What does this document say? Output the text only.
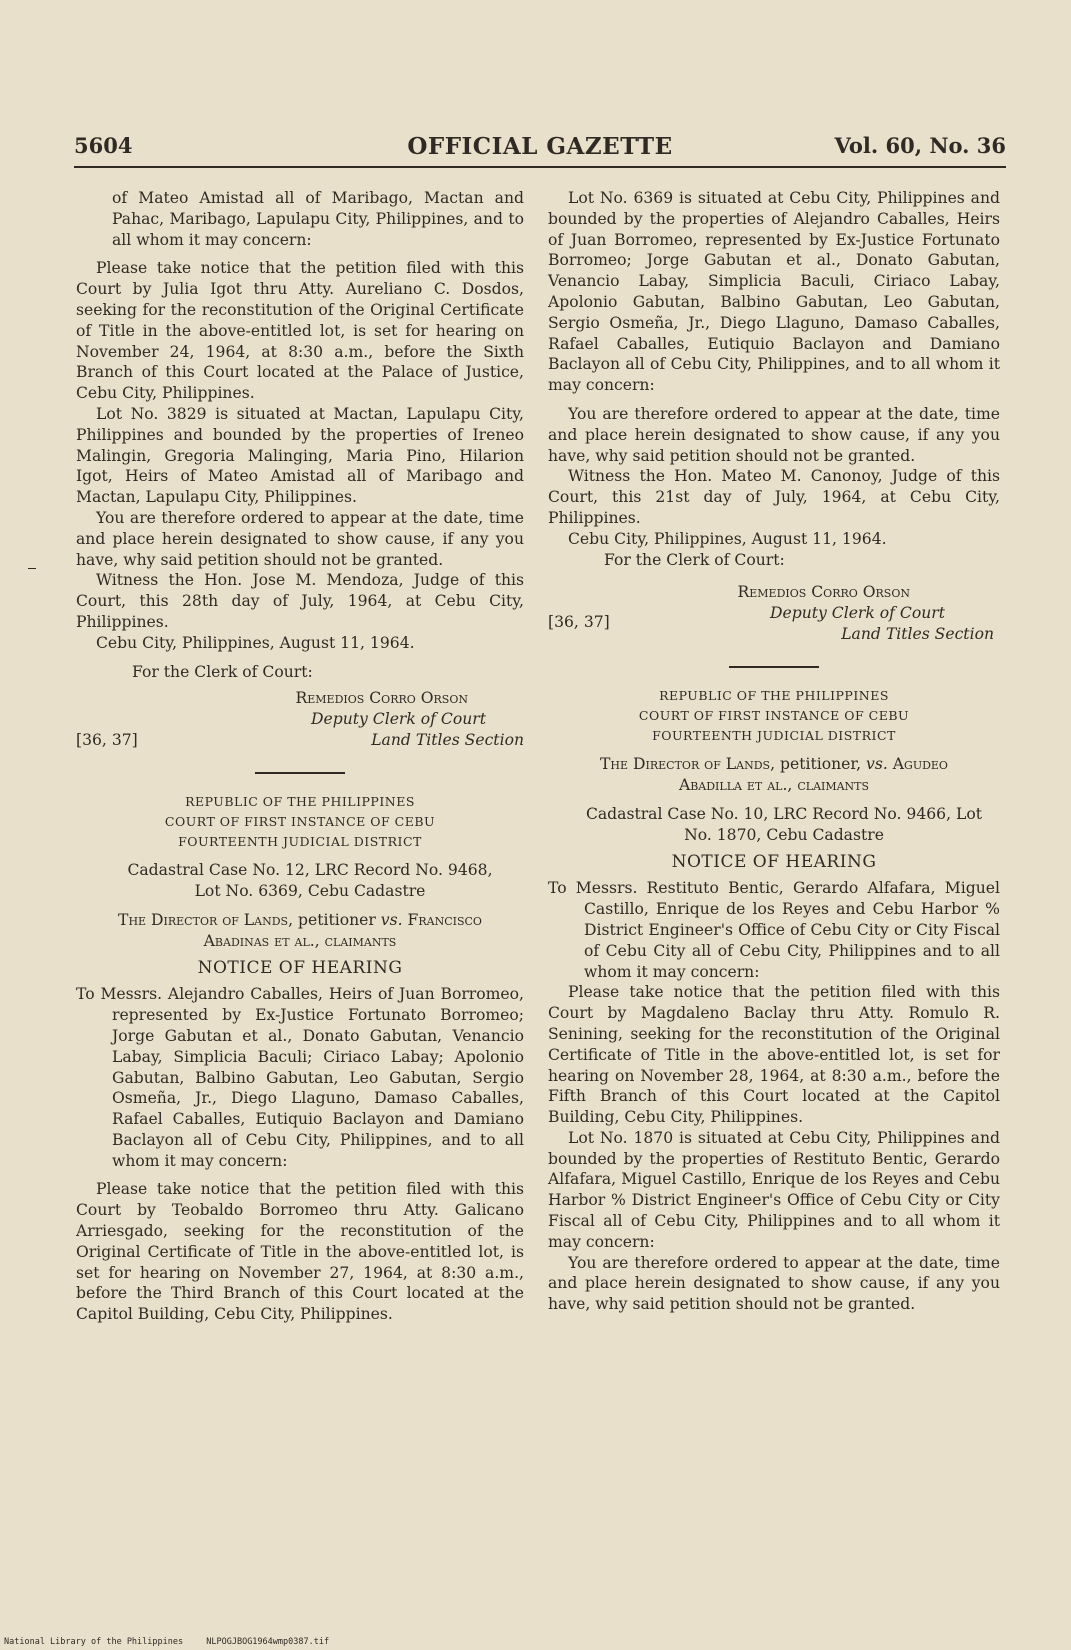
5604	OFFICIAL GAZETTE	Vol. 60, No. 36

of Mateo Amistad all of Maribago, Mactan and Pahac, Maribago, Lapulapu City, Philippines, and to all whom it may concern:

Please take notice that the petition filed with this Court by Julia Igot thru Atty. Aureliano C. Dosdos, seeking for the reconstitution of the Original Certificate of Title in the above-entitled lot, is set for hearing on November 24, 1964, at 8:30 a.m., before the Sixth Branch of this Court located at the Palace of Justice, Cebu City, Philippines.

Lot No. 3829 is situated at Mactan, Lapulapu City, Philippines and bounded by the properties of Ireneo Malingin, Gregoria Malinging, Maria Pino, Hilarion Igot, Heirs of Mateo Amistad all of Maribago and Mactan, Lapulapu City, Philippines.

You are therefore ordered to appear at the date, time and place herein designated to show cause, if any you have, why said petition should not be granted.

Witness the Hon. Jose M. Mendoza, Judge of this Court, this 28th day of July, 1964, at Cebu City, Philippines.

Cebu City, Philippines, August 11, 1964.

For the Clerk of Court:

Remedios Corro Orson
Deputy Clerk of Court
Land Titles Section
[36, 37]
REPUBLIC OF THE PHILIPPINES
COURT OF FIRST INSTANCE OF CEBU
FOURTEENTH JUDICIAL DISTRICT
Cadastral Case No. 12, LRC Record No. 9468,
Lot No. 6369, Cebu Cadastre
The Director of Lands, petitioner vs. Francisco
Abadinas et al., claimants
NOTICE OF HEARING

To Messrs. Alejandro Caballes, Heirs of Juan Borromeo, represented by Ex-Justice Fortunato Borromeo; Jorge Gabutan et al., Donato Gabutan, Venancio Labay, Simplicia Baculi; Ciriaco Labay; Apolonio Gabutan, Balbino Gabutan, Leo Gabutan, Sergio Osmeña, Jr., Diego Llaguno, Damaso Caballes, Rafael Caballes, Eutiquio Baclayon and Damiano Baclayon all of Cebu City, Philippines, and to all whom it may concern:

Please take notice that the petition filed with this Court by Teobaldo Borromeo thru Atty. Galicano Arriesgado, seeking for the reconstitution of the Original Certificate of Title in the above-entitled lot, is set for hearing on November 27, 1964, at 8:30 a.m., before the Third Branch of this Court located at the Capitol Building, Cebu City, Philippines.

Lot No. 6369 is situated at Cebu City, Philippines and bounded by the properties of Alejandro Caballes, Heirs of Juan Borromeo, represented by Ex-Justice Fortunato Borromeo; Jorge Gabutan et al., Donato Gabutan, Venancio Labay, Simplicia Baculi, Ciriaco Labay, Apolonio Gabutan, Balbino Gabutan, Leo Gabutan, Sergio Osmeña, Jr., Diego Llaguno, Damaso Caballes, Rafael Caballes, Eutiquio Baclayon and Damiano Baclayon all of Cebu City, Philippines, and to all whom it may concern:

You are therefore ordered to appear at the date, time and place herein designated to show cause, if any you have, why said petition should not be granted.

Witness the Hon. Mateo M. Canonoy, Judge of this Court, this 21st day of July, 1964, at Cebu City, Philippines.

Cebu City, Philippines, August 11, 1964.

For the Clerk of Court:

Remedios Corro Orson
Deputy Clerk of Court
Land Titles Section
[36, 37]
REPUBLIC OF THE PHILIPPINES
COURT OF FIRST INSTANCE OF CEBU
FOURTEENTH JUDICIAL DISTRICT
The Director of Lands, petitioner, vs. Agudeo
Abadilla et al., claimants
Cadastral Case No. 10, LRC Record No. 9466, Lot
No. 1870, Cebu Cadastre
NOTICE OF HEARING

To Messrs. Restituto Bentic, Gerardo Alfafara, Miguel Castillo, Enrique de los Reyes and Cebu Harbor % District Engineer's Office of Cebu City or City Fiscal of Cebu City all of Cebu City, Philippines and to all whom it may concern:

Please take notice that the petition filed with this Court by Magdaleno Baclay thru Atty. Romulo R. Senining, seeking for the reconstitution of the Original Certificate of Title in the above-entitled lot, is set for hearing on November 28, 1964, at 8:30 a.m., before the Fifth Branch of this Court located at the Capitol Building, Cebu City, Philippines.

Lot No. 1870 is situated at Cebu City, Philippines and bounded by the properties of Restituto Bentic, Gerardo Alfafara, Miguel Castillo, Enrique de los Reyes and Cebu Harbor % District Engineer's Office of Cebu City or City Fiscal all of Cebu City, Philippines and to all whom it may concern:

You are therefore ordered to appear at the date, time and place herein designated to show cause, if any you have, why said petition should not be granted.

National Library of the Philippines	NLPOGJBOG1964wmp0387.tif
